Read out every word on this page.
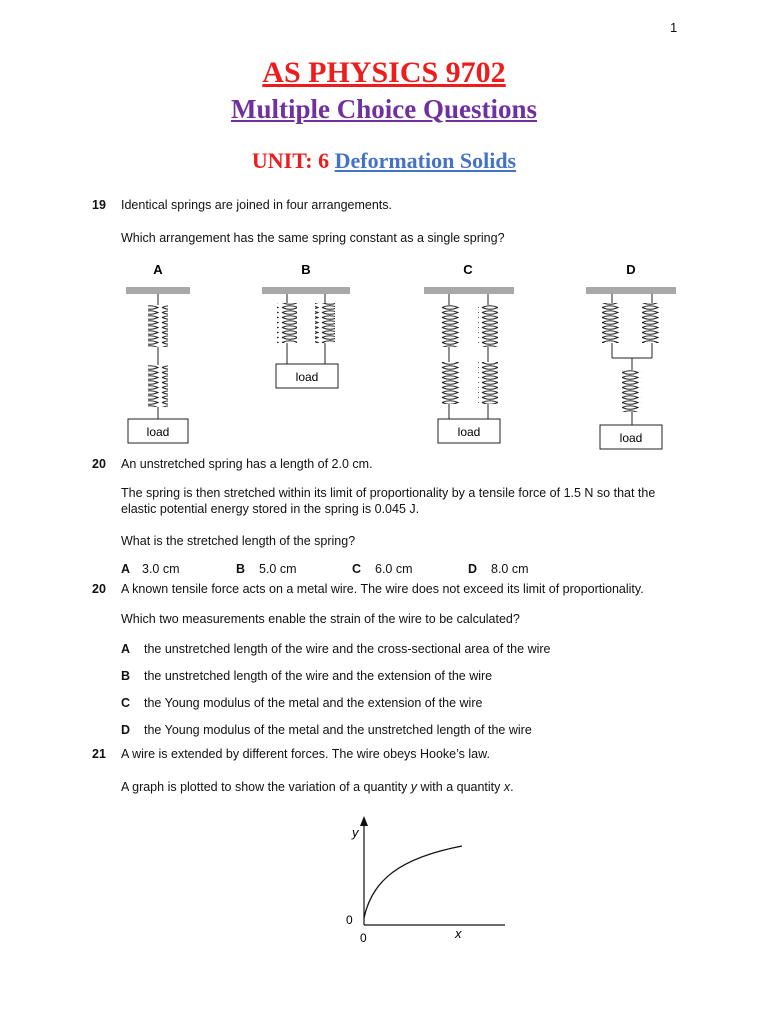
1
AS PHYSICS 9702
Multiple Choice Questions
UNIT: 6 Deformation Solids
19 Identical springs are joined in four arrangements.
Which arrangement has the same spring constant as a single spring?
A	B	C	D
load
load
load	load
20 An unstretched spring has a length of 2.0 cm.
The spring is then stretched within its limit of proportionality by a tensile force of 1.5 N so that the
elastic potential energy stored in the spring is 0.045 J.
What is the stretched length of the spring?
A 3.0 cm	B 5.0 cm	C 6.0 cm	D 8.0 cm
20 A known tensile force acts on a metal wire. The wire does not exceed its limit of proportionality.
Which two measurements enable the strain of the wire to be calculated?
A the unstretched length of the wire and the cross-sectional area of the wire
B the unstretched length of the wire and the extension of the wire
C the Young modulus of the metal and the extension of the wire
D the Young modulus of the metal and the unstretched length of the wire
21 A wire is extended by different forces. The wire obeys Hooke’s law.
A graph is plotted to show the variation of a quantity y with a quantity x.
y
x
0
0
